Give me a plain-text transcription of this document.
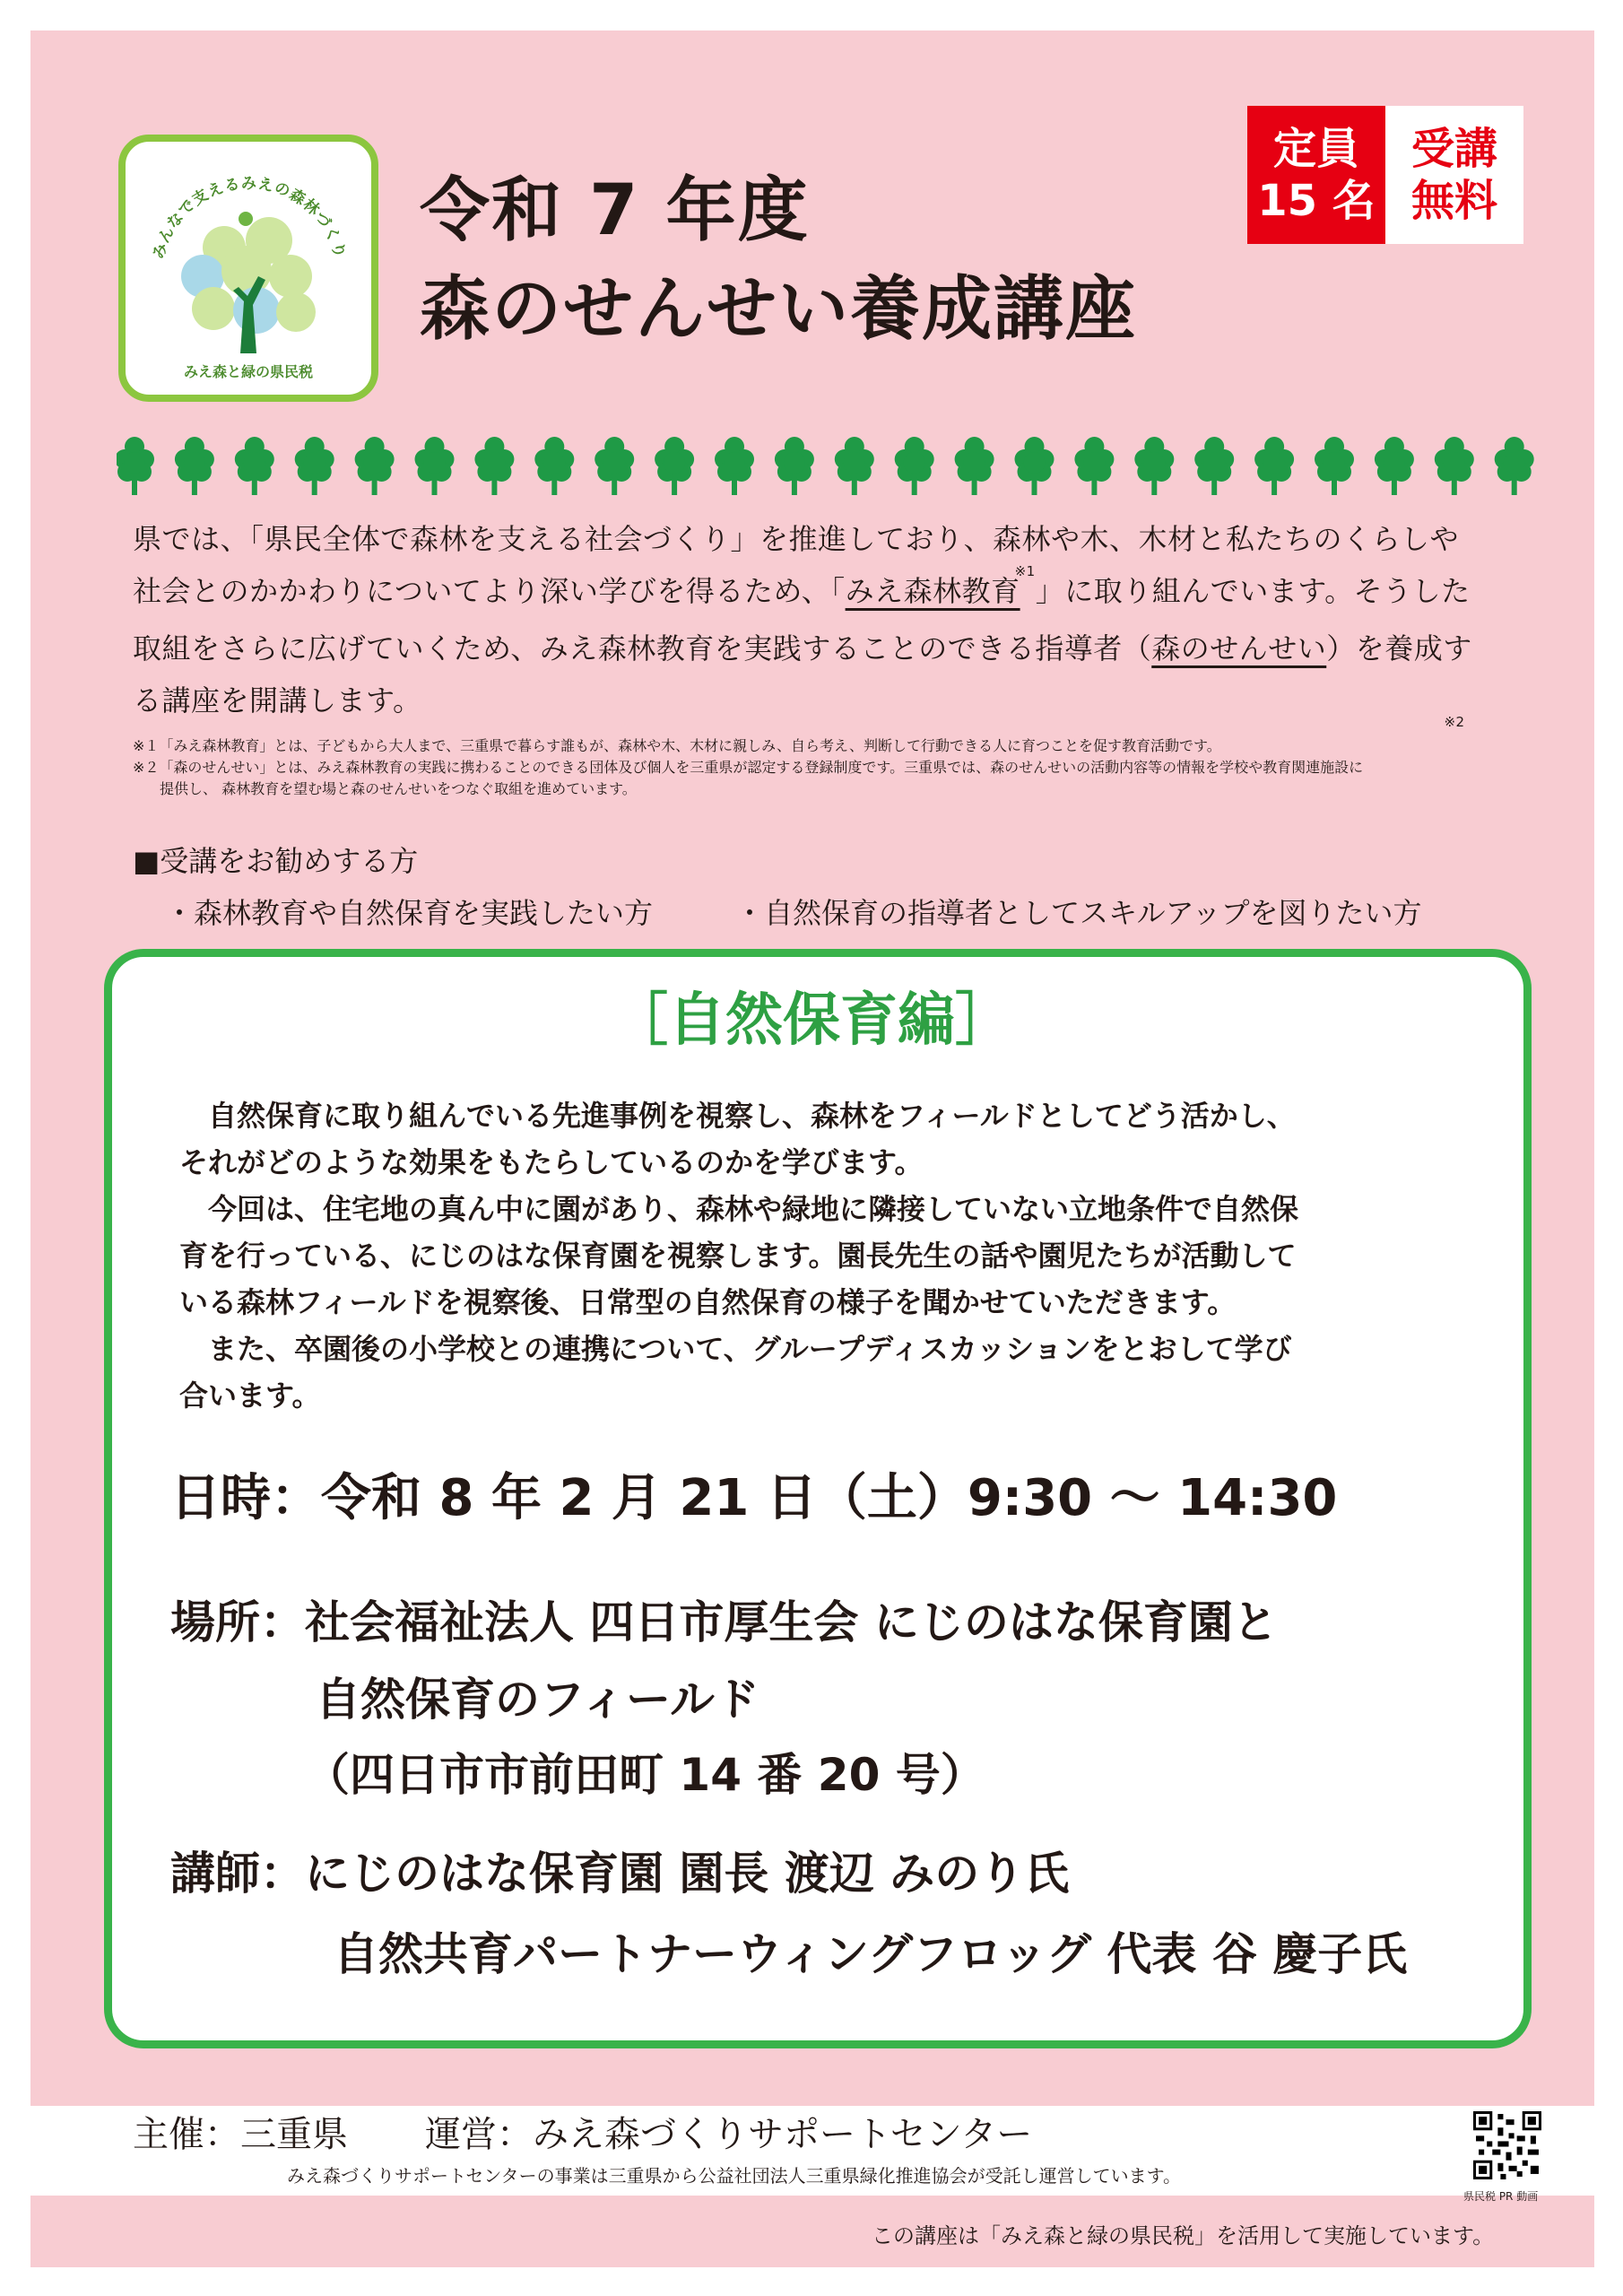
みんなで支えるみえの森林づくり
みえ森と緑の県民税
令和 7 年度
森のせんせい養成講座
定員
15 名
受講
無料

県では、「県民全体で森林を支える社会づくり」を推進しており、森林や木、木材と私たちのくらしや

社会とのかかわりについてより深い学びを得るため、「みえ森林教育$^{※1}$」に取り組んでいます。そうした

取組をさらに広げていくため、みえ森林教育を実践することのできる指導者（森のせんせい）を養成す

る講座を開講します。$_{※2}$

※１「みえ森林教育」とは、子どもから大人まで、三重県で暮らす誰もが、森林や木、木材に親しみ、自ら考え、判断して行動できる人に育つことを促す教育活動です。

※２「森のせんせい」とは、みえ森林教育の実践に携わることのできる団体及び個人を三重県が認定する登録制度です。三重県では、森のせんせいの活動内容等の情報を学校や教育関連施設に

提供し、 森林教育を望む場と森のせんせいをつなぐ取組を進めています。

■受講をお勧めする方
・森林教育や自然保育を実践したい方	・自然保育の指導者としてスキルアップを図りたい方
［自然保育編］

　自然保育に取り組んでいる先進事例を視察し、森林をフィールドとしてどう活かし、

それがどのような効果をもたらしているのかを学びます。

　今回は、住宅地の真ん中に園があり、森林や緑地に隣接していない立地条件で自然保

育を行っている、にじのはな保育園を視察します。園長先生の話や園児たちが活動して

いる森林フィールドを視察後、日常型の自然保育の様子を聞かせていただきます。

　また、卒園後の小学校との連携について、グループディスカッションをとおして学び

合います。

日時：令和 8 年 2 月 21 日（土）9:30 ～ 14:30
場所：社会福祉法人 四日市厚生会 にじのはな保育園と
自然保育のフィールド
（四日市市前田町 14 番 20 号）
講師：にじのはな保育園 園長 渡辺 みのり氏
自然共育パートナーウィングフロッグ 代表 谷 慶子氏
主催：三重県 運営：みえ森づくりサポートセンター
みえ森づくりサポートセンターの事業は三重県から公益社団法人三重県緑化推進協会が受託し運営しています。
県民税 PR 動画
この講座は「みえ森と緑の県民税」を活用して実施しています。
